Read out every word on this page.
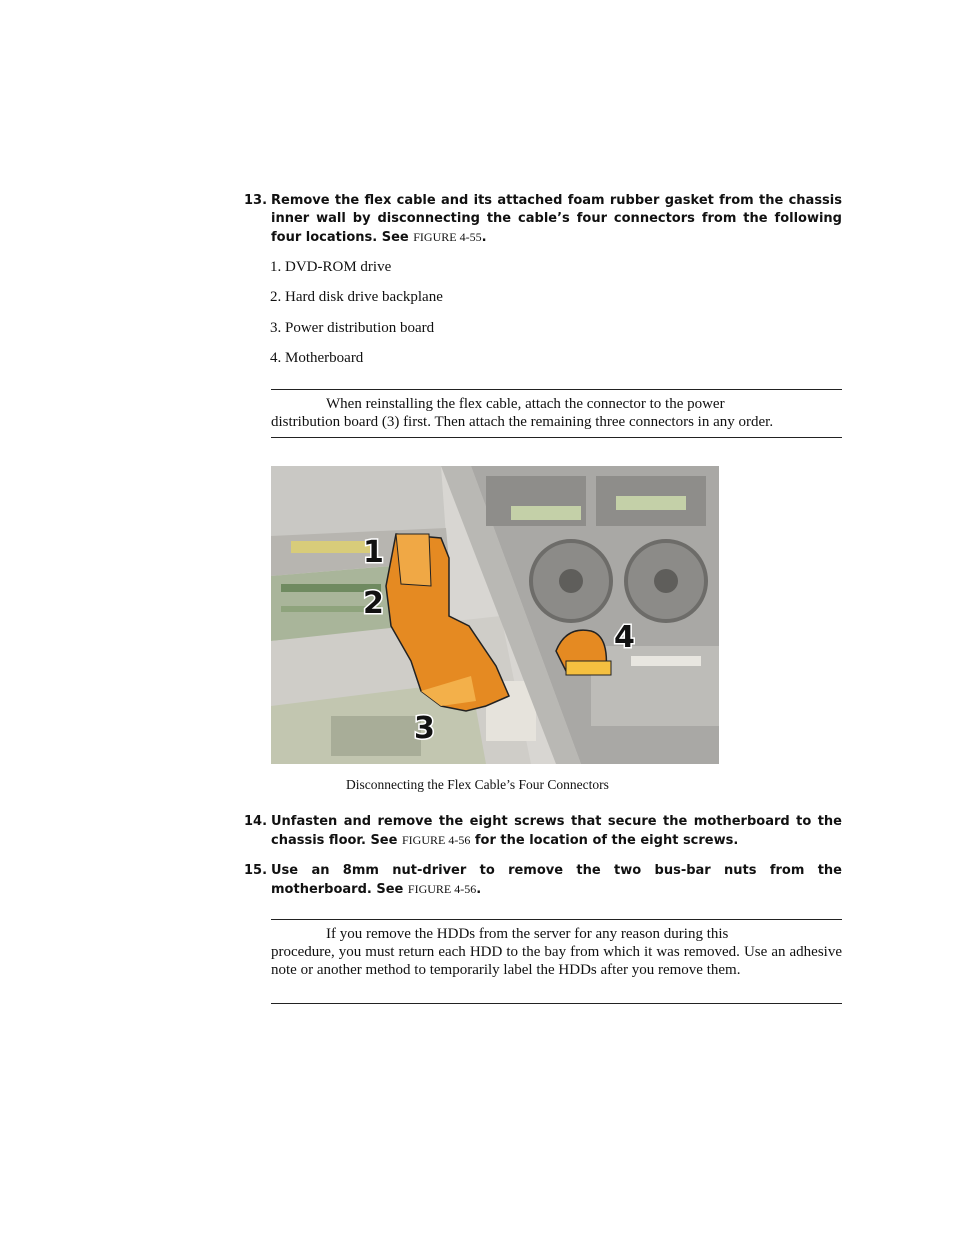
13. Remove the flex cable and its attached foam rubber gasket from the chassis inner wall by disconnecting the cable’s four connectors from the following four locations. See FIGURE 4-55.
1. DVD-ROM drive
2. Hard disk drive backplane
3. Power distribution board
4. Motherboard
When reinstalling the flex cable, attach the connector to the power
distribution board (3) first. Then attach the remaining three connectors in any order.
1
2
3
4
Disconnecting the Flex Cable’s Four Connectors
14. Unfasten and remove the eight screws that secure the motherboard to the chassis floor. See FIGURE 4-56 for the location of the eight screws.
15. Use an 8mm nut-driver to remove the two bus-bar nuts from the motherboard. See FIGURE 4-56.
If you remove the HDDs from the server for any reason during this
procedure, you must return each HDD to the bay from which it was removed. Use an adhesive note or another method to temporarily label the HDDs after you remove them.
